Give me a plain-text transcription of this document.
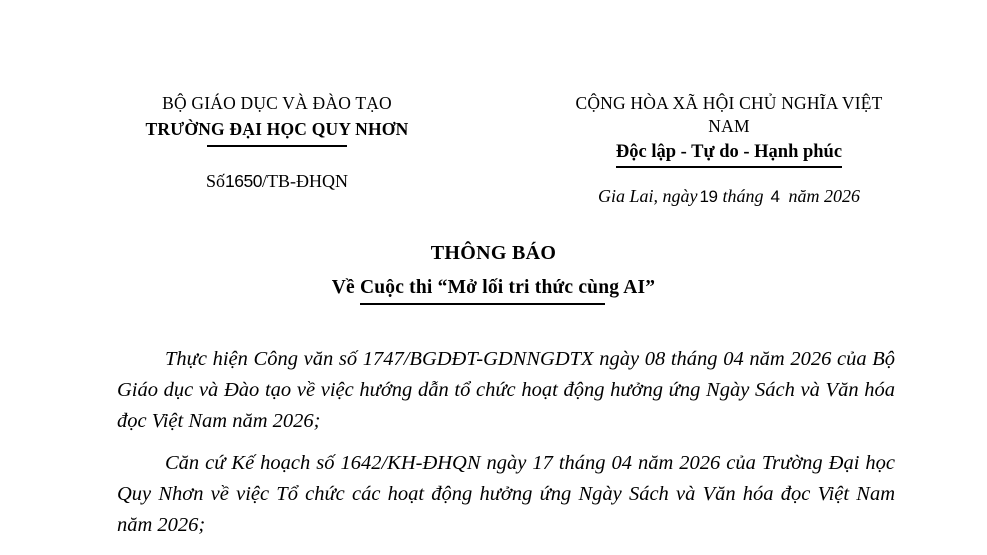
BỘ GIÁO DỤC VÀ ĐÀO TẠO
TRƯỜNG ĐẠI HỌC QUY NHƠN
Số1650/TB-ĐHQN
CỘNG HÒA XÃ HỘI CHỦ NGHĨA VIỆT NAM
Độc lập - Tự do - Hạnh phúc
Gia Lai, ngày 19 tháng 4 năm 2026
THÔNG BÁO
Về Cuộc thi “Mở lối tri thức cùng AI”

Thực hiện Công văn số 1747/BGDĐT-GDNNGDTX ngày 08 tháng 04 năm 2026 của Bộ Giáo dục và Đào tạo về việc hướng dẫn tổ chức hoạt động hưởng ứng Ngày Sách và Văn hóa đọc Việt Nam năm 2026;

Căn cứ Kế hoạch số 1642/KH-ĐHQN ngày 17 tháng 04 năm 2026 của Trường Đại học Quy Nhơn về việc Tổ chức các hoạt động hưởng ứng Ngày Sách và Văn hóa đọc Việt Nam năm 2026;
